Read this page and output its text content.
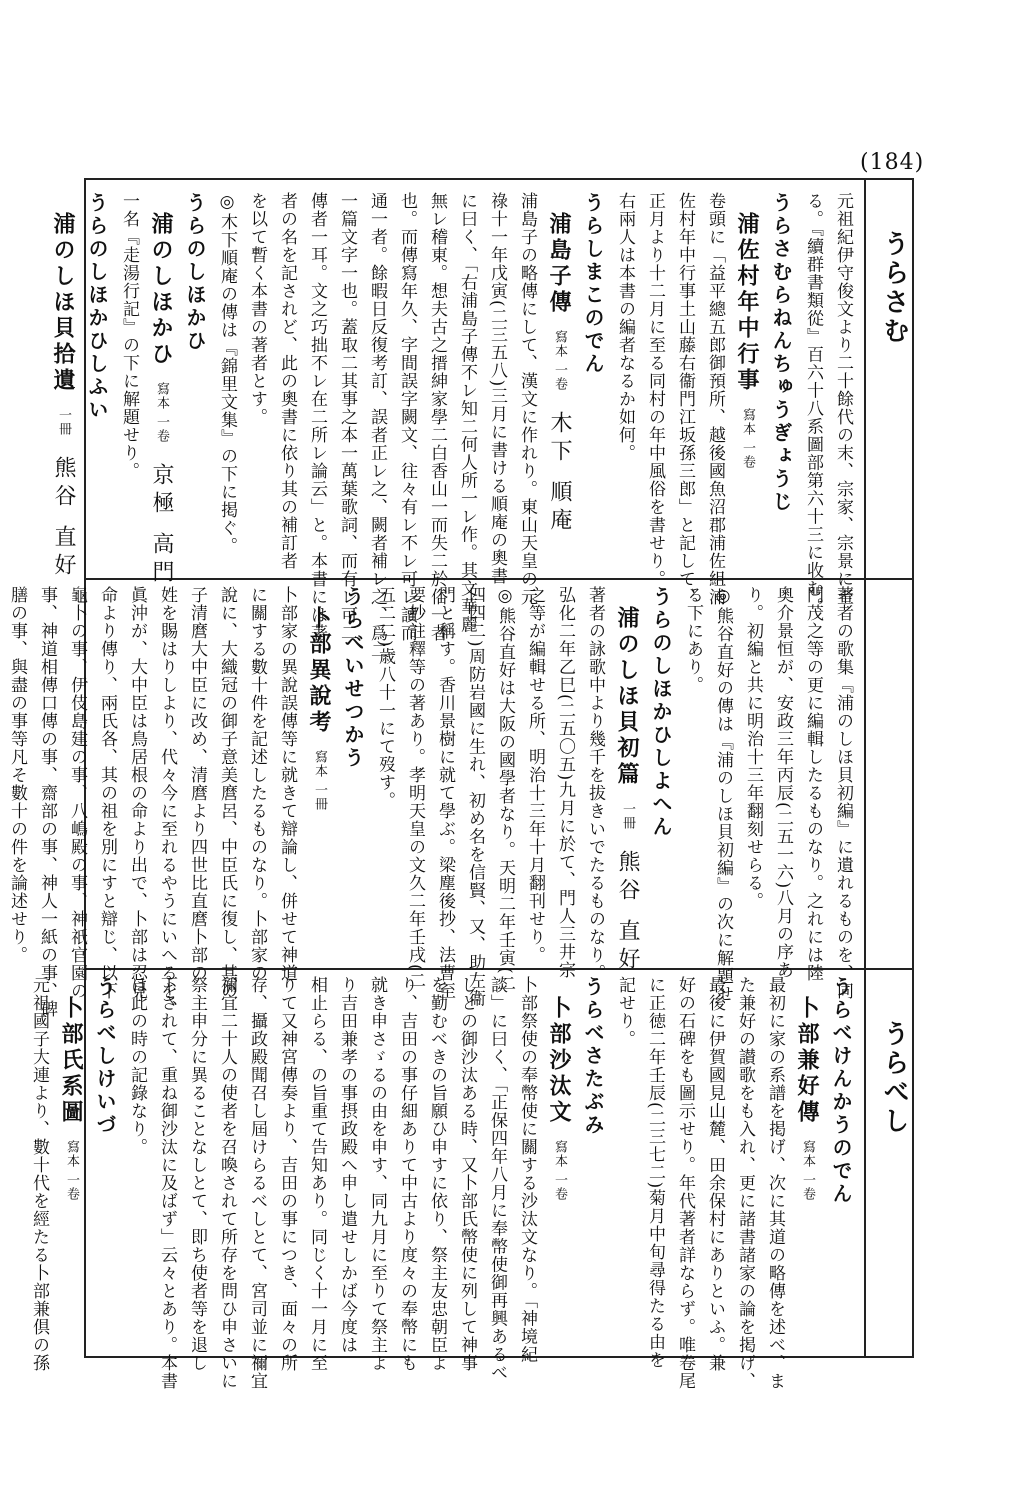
(184)
うらさむ
うらべし
元祖紀伊守俊文より二十餘代の末、宗家、宗景に至
る。『續群書類從』百六十八系圖部第六十三に收む。
うらさむらねんちゅうぎょうじ
浦佐村年中行事寫本 一卷
卷頭に「益平總五郎御預所、越後國魚沼郡浦佐組浦
佐村年中行事土山藤右衞門江坂孫三郎」と記して、
正月より十二月に至る同村の年中風俗を書せり。
右兩人は本書の編者なるか如何。
うらしまこのでん
浦島子傳寫本 一卷木下 順庵
浦島子の略傳にして、漢文に作れり。東山天皇の元
祿十一年戊寅(二三五八)三月に書ける順庵の奧書
に曰く、「右浦島子傳不レ知二何人所一レ作。其文華麗
無レ稽東。想夫古之搢紳家學二白香山一而失二於俗一者
也。而傳寫年久、字間誤字闕文、往々有レ不レ可レ讀而
通一者。餘暇日反復考訂、誤者正レ之、闕者補レ之、爲二
一篇文字一也。蓋取二其事之本一萬葉歌詞、而有レ可二
傳者一耳。文之巧拙不レ在二所レ論云」と。本書には著
者の名を記されど、此の奧書に依り其の補訂者
を以て暫く本書の著者とす。
◎木下順庵の傳は『錦里文集』の下に掲ぐ。
うらのしほかひ
浦のしほかひ寫本 一卷京極 高門
一名『走湯行記』の下に解題せり。
うらのしほかひしふい
浦のしほ貝拾遺一冊熊谷 直好
著者の歌集『浦のしほ貝初編』に遺れるものを、同
門茂之等の更に編輯したるものなり。之れには陸
奧介景恒が、安政三年丙辰(二五一六)八月の序あ
り。初編と共に明治十三年翻刻せらる。
◎熊谷直好の傳は『浦のしほ貝初編』の次に解題せ
る下にあり。
うらのしほかひしよへん
浦のしほ貝初篇一冊熊谷 直好
著者の詠歌中より幾千を拔きいでたるものなり。
弘化二年乙巳(二五〇五)九月に於て、門人三井宗
之等が編輯せる所、明治十三年十月翻刊せり。
◎熊谷直好は大阪の國學者なり。天明二年壬寅(二
四四二)周防岩國に生れ、初め名を信賢、又、助左衞
門と稱す。香川景樹に就て學ぶ。梁塵後抄、法曹至
要抄註釋等の著あり。孝明天皇の文久二年壬戌(二
五二二)歳八十一にて歿す。
うらべいせつかう
卜部異說考寫本 一冊
卜部家の異說誤傳等に就きて辯論し、併せて神道
に關する數十件を記述したるものなり。卜部家の
說に、大織冠の御子意美麿呂、中臣氏に復し、其の
子清麿大中臣に改め、清麿より四世比直麿卜部の
姓を賜はりしより、代々今に至れるやうにいへるを、
眞沖が、大中臣は鳥居根の命より出で、卜部は忍見
命より傳り、兩氏各、其の祖を別にすと辯じ、以下
龜卜の事、伊伎島建の事、八嶋殿の事、神祇官園の
事、神道相傳口傳の事、齋部の事、神人一紙の事、碑
膳の事、與盡の事等凡そ數十の件を論述せり。
うらべけんかうのでん
卜部兼好傳寫本 一卷
最初に家の系譜を掲げ、次に其道の略傳を述べ、ま
た兼好の讃歌をも入れ、更に諸書諸家の論を掲げ、
最後に伊賀國見山麓、田余保村にありといふ。兼
好の石碑をも圖示せり。年代著者詳ならず。唯卷尾
に正徳二年壬辰(二三七二)菊月中旬尋得たる由を
記せり。
うらべさたぶみ
卜部沙汰文寫本 一卷
卜部祭使の奉幣使に關する沙汰文なり。「神境紀
談」に曰く、「正保四年八月に奉幣使御再興あるべ
しとの御沙汰ある時、又卜部氏幣使に列して神事
を勤むべきの旨願ひ申すに依り、祭主友忠朝臣よ
り、吉田の事仔細ありて中古より度々の奉幣にも
就き申さゞるの由を申す、同九月に至りて祭主よ
り吉田兼孝の事摂政殿へ申し遣せしかば今度は
相止らる、の旨重て告知あり。同じく十一月に至
りて又神宮傳奏より、吉田の事につき、面々の所
存、攝政殿聞召し屆けらるべしとて、宮司並に禰宜
禰宜二十人の使者を召喚されて所存を問ひ申さいに
祭主申分に異ることなしとて、即ち使者等を退し
下されて、重ね御沙汰に及ばず」云々とあり。本書
は此の時の記錄なり。
うらべしけいづ
卜部氏系圖寫本 一卷
元祖國子大連より、數十代を經たる卜部兼倶の孫
